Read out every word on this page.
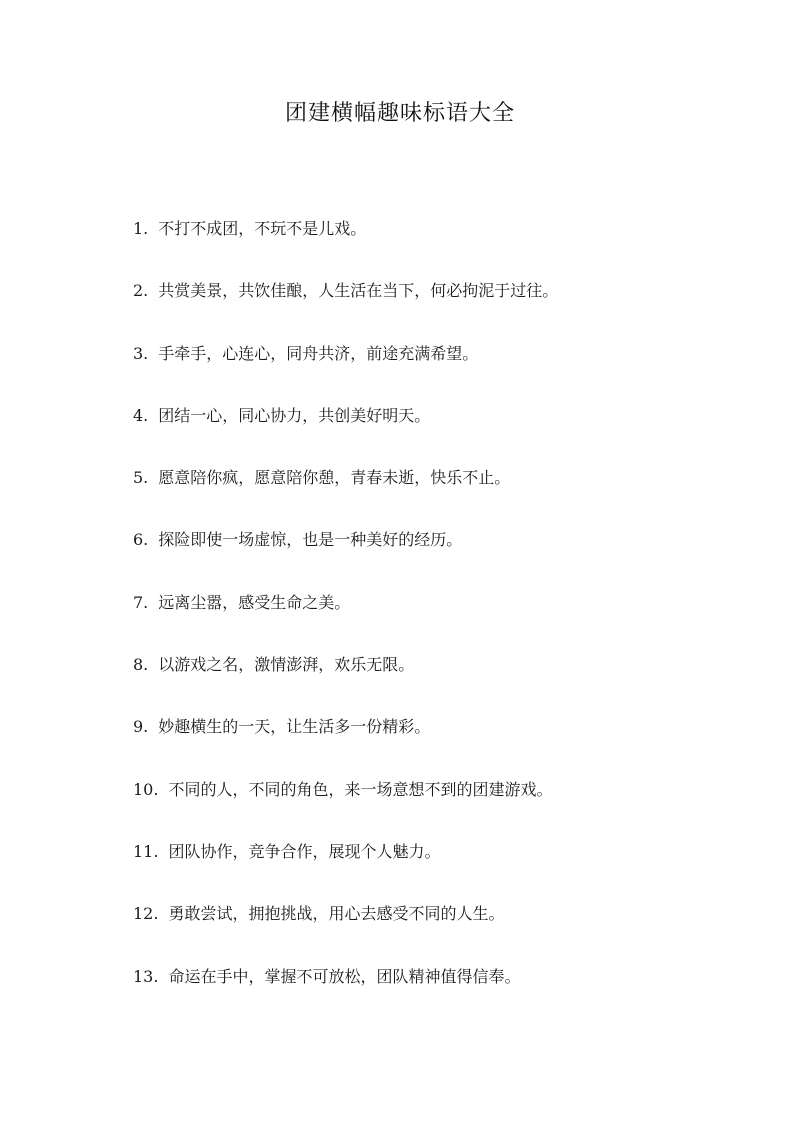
团建横幅趣味标语大全
1. 不打不成团，不玩不是儿戏。
2. 共赏美景，共饮佳酿，人生活在当下，何必拘泥于过往。
3. 手牵手，心连心，同舟共济，前途充满希望。
4. 团结一心，同心协力，共创美好明天。
5. 愿意陪你疯，愿意陪你憩，青春未逝，快乐不止。
6. 探险即使一场虚惊，也是一种美好的经历。
7. 远离尘嚣，感受生命之美。
8. 以游戏之名，激情澎湃，欢乐无限。
9. 妙趣横生的一天，让生活多一份精彩。
10. 不同的人，不同的角色，来一场意想不到的团建游戏。
11. 团队协作，竞争合作，展现个人魅力。
12. 勇敢尝试，拥抱挑战，用心去感受不同的人生。
13. 命运在手中，掌握不可放松，团队精神值得信奉。
